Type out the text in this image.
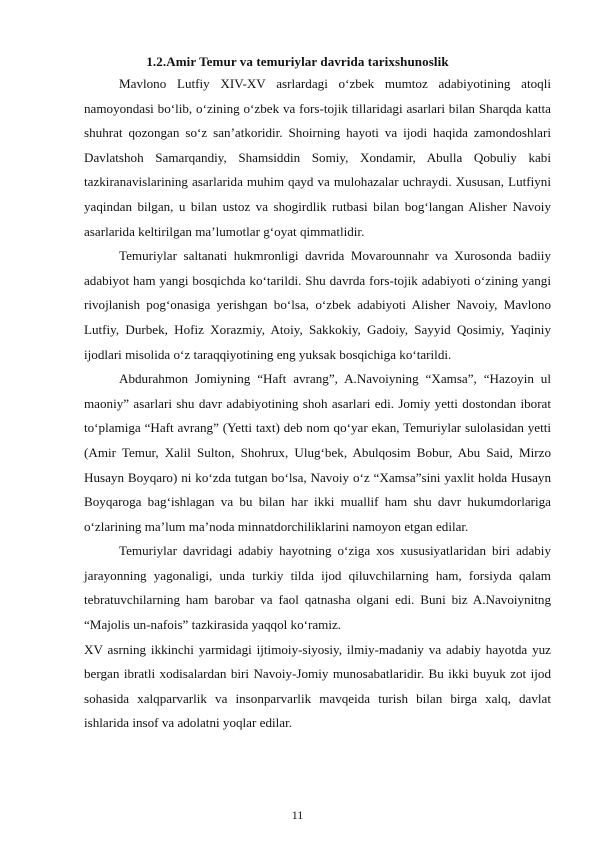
1.2.Amir Temur va temuriylar davrida tarixshunoslik

Mavlono Lutfiy XIV-XV asrlardagi o‘zbek mumtoz adabiyotining atoqli namoyondasi bo‘lib, o‘zining o‘zbek va fors-tojik tillaridagi asarlari bilan Sharqda katta shuhrat qozongan so‘z san’atkoridir. Shoirning hayoti va ijodi haqida zamondoshlari Davlatshoh Samarqandiy, Shamsiddin Somiy, Xondamir, Abulla Qobuliy kabi tazkiranavislarining asarlarida muhim qayd va mulohazalar uchraydi. Xususan, Lutfiyni yaqindan bilgan, u bilan ustoz va shogirdlik rutbasi bilan bog‘langan Alisher Navoiy asarlarida keltirilgan ma’lumotlar g‘oyat qimmatlidir.

Temuriylar saltanati hukmronligi davrida Movarounnahr va Xurosonda badiiy adabiyot ham yangi bosqichda ko‘tarildi. Shu davrda fors-tojik adabiyoti o‘zining yangi rivojlanish pog‘onasiga yerishgan bo‘lsa, o‘zbek adabiyoti Alisher Navoiy, Mavlono Lutfiy, Durbek, Hofiz Xorazmiy, Atoiy, Sakkokiy, Gadoiy, Sayyid Qosimiy, Yaqiniy ijodlari misolida o‘z taraqqiyotining eng yuksak bosqichiga ko‘tarildi.

Abdurahmon Jomiyning “Haft avrang”, A.Navoiyning “Xamsa”, “Hazoyin ul maoniy” asarlari shu davr adabiyotining shoh asarlari edi. Jomiy yetti dostondan iborat to‘plamiga “Haft avrang” (Yetti taxt) deb nom qo‘yar ekan, Temuriylar sulolasidan yetti (Amir Temur, Xalil Sulton, Shohrux, Ulug‘bek, Abulqosim Bobur, Abu Said, Mirzo Husayn Boyqaro) ni ko‘zda tutgan bo‘lsa, Navoiy o‘z “Xamsa”sini yaxlit holda Husayn Boyqaroga bag‘ishlagan va bu bilan har ikki muallif ham shu davr hukumdorlariga o‘zlarining ma’lum ma’noda minnatdorchiliklarini namoyon etgan edilar.

Temuriylar davridagi adabiy hayotning o‘ziga xos xususiyatlaridan biri adabiy jarayonning yagonaligi, unda turkiy tilda ijod qiluvchilarning ham, forsiyda qalam tebratuvchilarning ham barobar va faol qatnasha olgani edi. Buni biz A.Navoiynitng “Majolis un-nafois” tazkirasida yaqqol ko‘ramiz.

XV asrning ikkinchi yarmidagi ijtimoiy-siyosiy, ilmiy-madaniy va adabiy hayotda yuz bergan ibratli xodisalardan biri Navoiy-Jomiy munosabatlaridir. Bu ikki buyuk zot ijod sohasida xalqparvarlik va insonparvarlik mavqeida turish bilan birga xalq, davlat ishlarida insof va adolatni yoqlar edilar.

11
